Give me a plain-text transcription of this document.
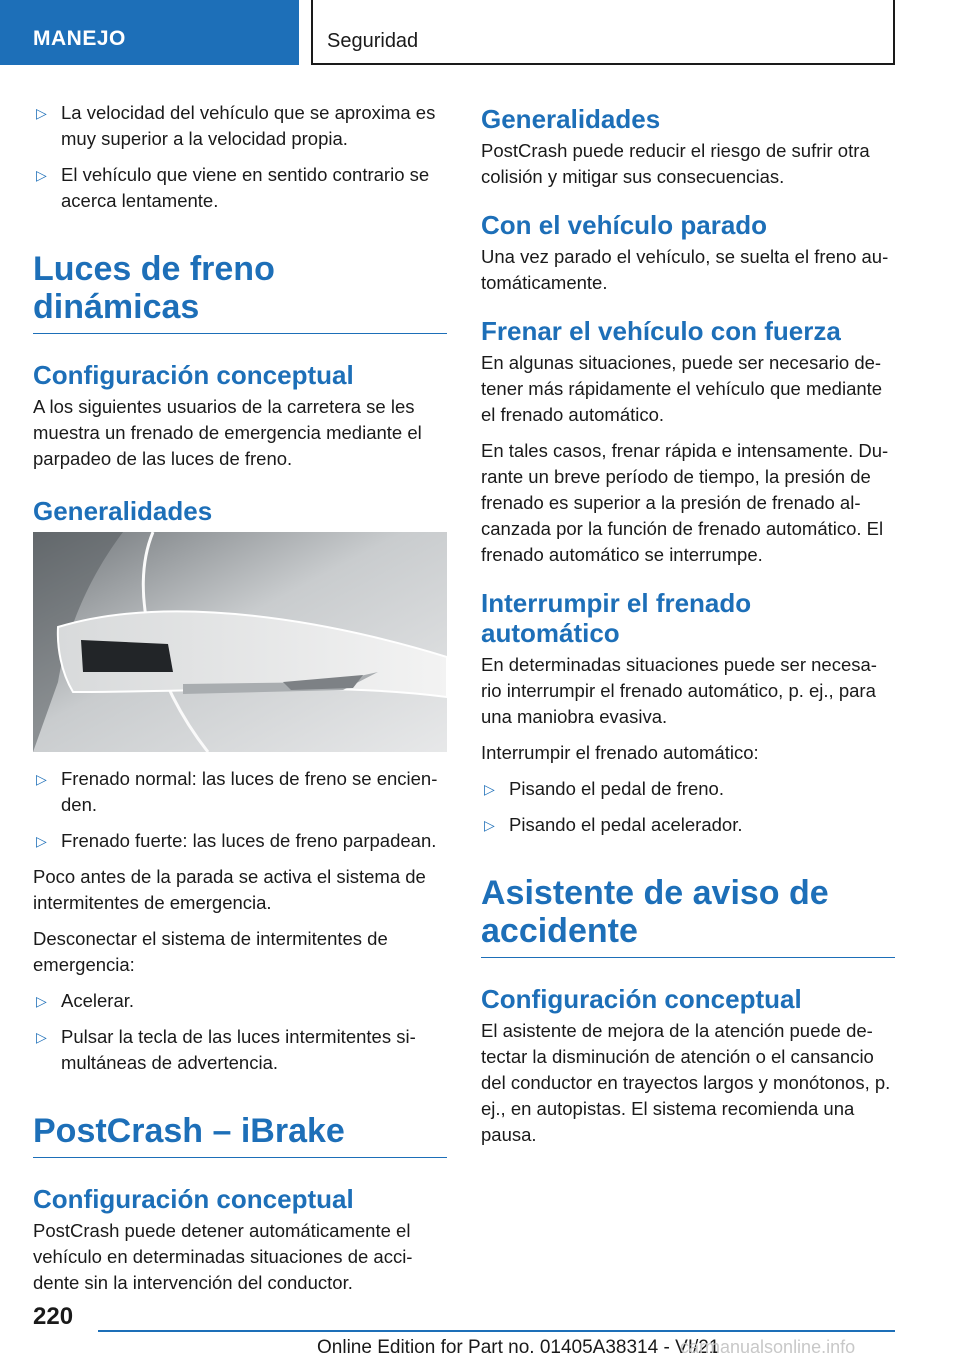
MANEJO	Seguridad
▷ La velocidad del vehículo que se aproxima es muy superior a la velocidad propia.
▷ El vehículo que viene en sentido contrario se acerca lentamente.
Luces de freno dinámicas
Configuración conceptual

A los siguientes usuarios de la carretera se les muestra un frenado de emergencia mediante el parpadeo de las luces de freno.

Generalidades
▷ Frenado normal: las luces de freno se encien-den.
▷ Frenado fuerte: las luces de freno parpadean.

Poco antes de la parada se activa el sistema de intermitentes de emergencia.

Desconectar el sistema de intermitentes de emergencia:

▷ Acelerar.
▷ Pulsar la tecla de las luces intermitentes si-multáneas de advertencia.
PostCrash – iBrake
Configuración conceptual

PostCrash puede detener automáticamente el vehículo en determinadas situaciones de acci-dente sin la intervención del conductor.

Generalidades

PostCrash puede reducir el riesgo de sufrir otra colisión y mitigar sus consecuencias.

Con el vehículo parado

Una vez parado el vehículo, se suelta el freno au-tomáticamente.

Frenar el vehículo con fuerza

En algunas situaciones, puede ser necesario de-tener más rápidamente el vehículo que mediante el frenado automático.

En tales casos, frenar rápida e intensamente. Du-rante un breve período de tiempo, la presión de frenado es superior a la presión de frenado al-canzada por la función de frenado automático. El frenado automático se interrumpe.

Interrumpir el frenado automático

En determinadas situaciones puede ser necesa-rio interrumpir el frenado automático, p. ej., para una maniobra evasiva.

Interrumpir el frenado automático:

▷ Pisando el pedal de freno.
▷ Pisando el pedal acelerador.
Asistente de aviso de accidente
Configuración conceptual

El asistente de mejora de la atención puede de-tectar la disminución de atención o el cansancio del conductor en trayectos largos y monótonos, p. ej., en autopistas. El sistema recomienda una pausa.

220
Online Edition for Part no. 01405A38314 - VI/21
carmanualsonline.info
